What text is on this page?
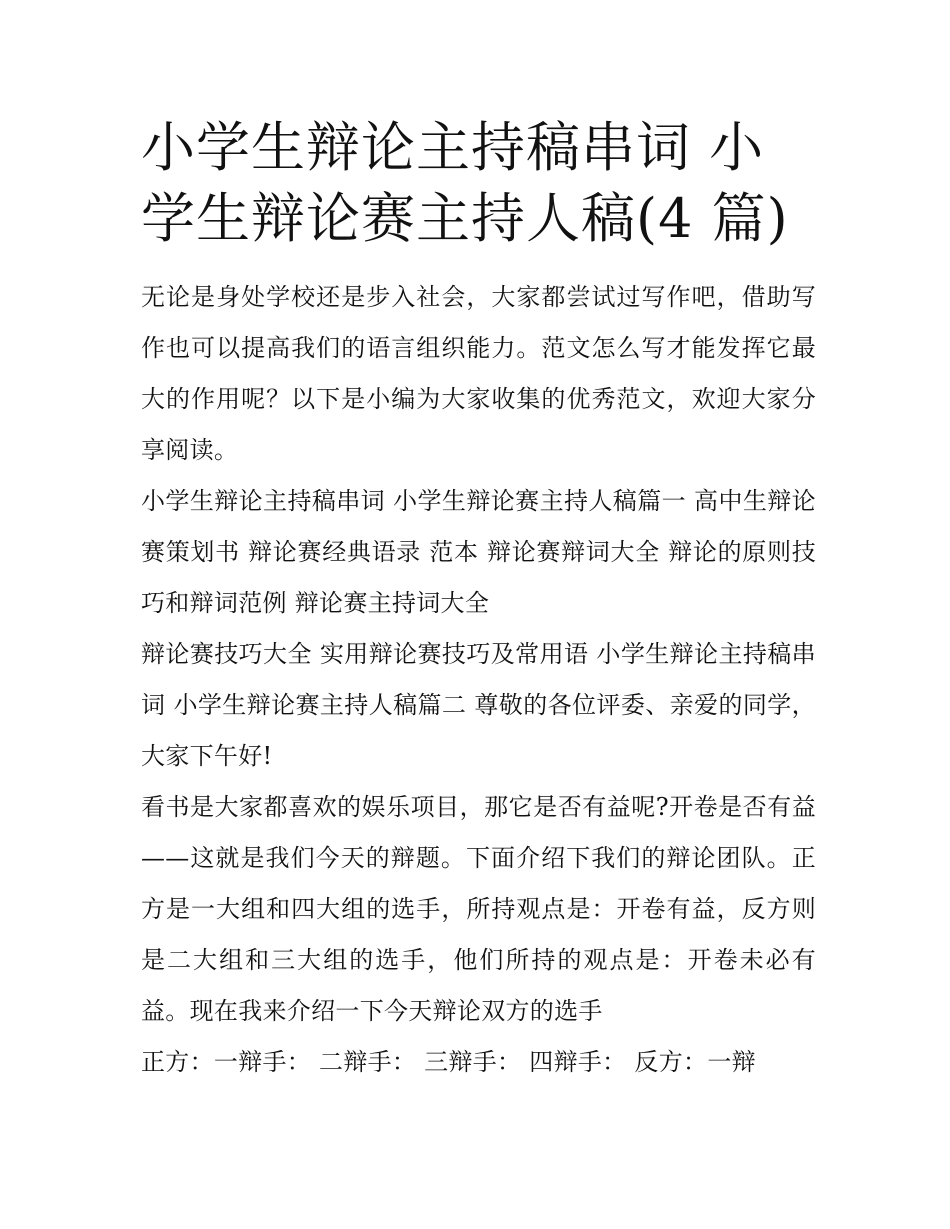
小学生辩论主持稿串词 小学生辩论赛主持人稿(4 篇)

无论是身处学校还是步入社会，大家都尝试过写作吧，借助写作也可以提高我们的语言组织能力。范文怎么写才能发挥它最大的作用呢？以下是小编为大家收集的优秀范文，欢迎大家分享阅读。

小学生辩论主持稿串词 小学生辩论赛主持人稿篇一 高中生辩论赛策划书 辩论赛经典语录 范本 辩论赛辩词大全 辩论的原则技巧和辩词范例 辩论赛主持词大全

辩论赛技巧大全 实用辩论赛技巧及常用语 小学生辩论主持稿串词 小学生辩论赛主持人稿篇二 尊敬的各位评委、亲爱的同学， 大家下午好!

看书是大家都喜欢的娱乐项目，那它是否有益呢?开卷是否有益——这就是我们今天的辩题。下面介绍下我们的辩论团队。正方是一大组和四大组的选手，所持观点是：开卷有益，反方则是二大组和三大组的选手，他们所持的观点是：开卷未必有益。现在我来介绍一下今天辩论双方的选手

正方：一辩手： 二辩手： 三辩手： 四辩手： 反方：一辩
